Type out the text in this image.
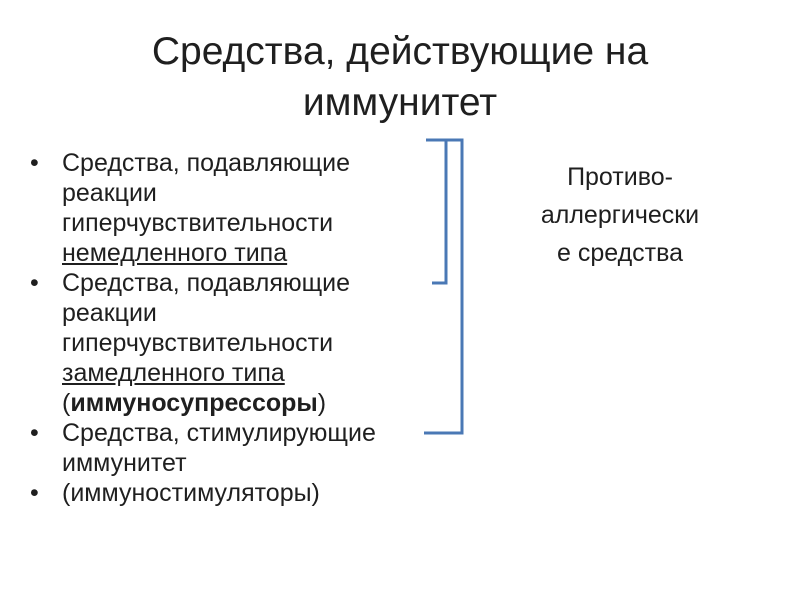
Средства, действующие на
иммунитет
• Средства, подавляющие
реакции
гиперчувствительности
немедленного типа
• Средства, подавляющие
реакции
гиперчувствительности
замедленного типа
(иммуносупрессоры)
• Средства, стимулирующие
иммунитет
• (иммуностимуляторы)
Противо-
аллергически
е средства
